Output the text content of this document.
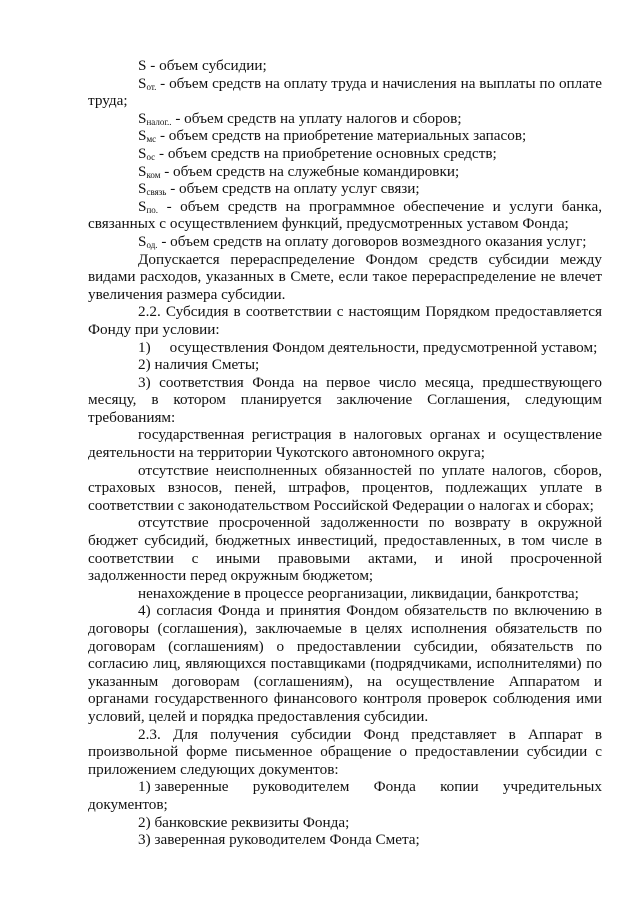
S - объем субсидии;

$S_{от.}$ - объем средств на оплату труда и начисления на выплаты по оплате труда;

$S_{налог..}$ - объем средств на уплату налогов и сборов;

$S_{мс}$ - объем средств на приобретение материальных запасов;

$S_{ос}$ - объем средств на приобретение основных средств;

$S_{ком}$ - объем средств на служебные командировки;

$S_{связь}$ - объем средств на оплату услуг связи;

$S_{по.}$ - объем средств на программное обеспечение и услуги банка, связанных с осуществлением функций, предусмотренных уставом Фонда;

$S_{од.}$ - объем средств на оплату договоров возмездного оказания услуг;

Допускается перераспределение Фондом средств субсидии между видами расходов, указанных в Смете, если такое перераспределение не влечет увеличения размера субсидии.

2.2. Субсидия в соответствии с настоящим Порядком предоставляется Фонду при условии:

1)     осуществления Фондом деятельности, предусмотренной уставом;

2) наличия Сметы;

3) соответствия Фонда на первое число месяца, предшествующего месяцу, в котором планируется заключение Соглашения, следующим требованиям:

государственная регистрация в налоговых органах и осуществление деятельности на территории Чукотского автономного округа;

отсутствие неисполненных обязанностей по уплате налогов, сборов, страховых взносов, пеней, штрафов, процентов, подлежащих уплате в соответствии с законодательством Российской Федерации о налогах и сборах;

отсутствие просроченной задолженности по возврату в окружной бюджет субсидий, бюджетных инвестиций, предоставленных, в том числе в соответствии с иными правовыми актами, и иной просроченной задолженности перед окружным бюджетом;

ненахождение в процессе реорганизации, ликвидации, банкротства;

4) согласия Фонда и принятия Фондом обязательств по включению в договоры (соглашения), заключаемые в целях исполнения обязательств по договорам (соглашениям) о предоставлении субсидии, обязательств по согласию лиц, являющихся поставщиками (подрядчиками, исполнителями) по указанным договорам (соглашениям), на осуществление Аппаратом и органами государственного финансового контроля проверок соблюдения ими условий, целей и порядка предоставления субсидии.

2.3. Для получения субсидии Фонд представляет в Аппарат в произвольной форме письменное обращение о предоставлении субсидии с приложением следующих документов:

1) заверенные руководителем Фонда копии учредительных
документов;

2) банковские реквизиты Фонда;

3) заверенная руководителем Фонда Смета;
